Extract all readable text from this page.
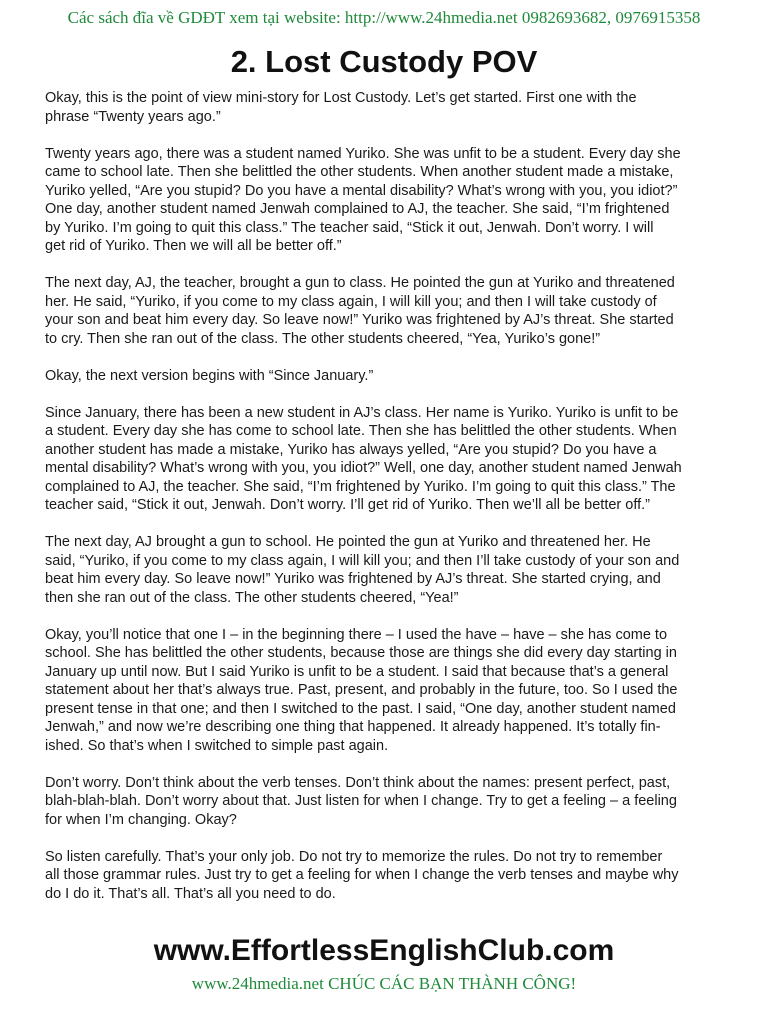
Các sách đĩa về GDĐT xem tại website: http://www.24hmedia.net 0982693682, 0976915358
2. Lost Custody POV

Okay, this is the point of view mini-story for Lost Custody. Let’s get started. First one with the
phrase “Twenty years ago.”

Twenty years ago, there was a student named Yuriko. She was unfit to be a student. Every day she
came to school late. Then she belittled the other students. When another student made a mistake,
Yuriko yelled, “Are you stupid? Do you have a mental disability? What’s wrong with you, you idiot?”
One day, another student named Jenwah complained to AJ, the teacher. She said, “I’m frightened
by Yuriko. I’m going to quit this class.” The teacher said, “Stick it out, Jenwah. Don’t worry. I will
get rid of Yuriko. Then we will all be better off.”

The next day, AJ, the teacher, brought a gun to class. He pointed the gun at Yuriko and threatened
her. He said, “Yuriko, if you come to my class again, I will kill you; and then I will take custody of
your son and beat him every day. So leave now!” Yuriko was frightened by AJ’s threat. She started
to cry. Then she ran out of the class. The other students cheered, “Yea, Yuriko’s gone!”

Okay, the next version begins with “Since January.”

Since January, there has been a new student in AJ’s class. Her name is Yuriko. Yuriko is unfit to be
a student. Every day she has come to school late. Then she has belittled the other students. When
another student has made a mistake, Yuriko has always yelled, “Are you stupid? Do you have a
mental disability? What’s wrong with you, you idiot?” Well, one day, another student named Jenwah
complained to AJ, the teacher. She said, “I’m frightened by Yuriko. I’m going to quit this class.” The
teacher said, “Stick it out, Jenwah. Don’t worry. I’ll get rid of Yuriko. Then we’ll all be better off.”

The next day, AJ brought a gun to school. He pointed the gun at Yuriko and threatened her. He
said, “Yuriko, if you come to my class again, I will kill you; and then I’ll take custody of your son and
beat him every day. So leave now!” Yuriko was frightened by AJ’s threat. She started crying, and
then she ran out of the class. The other students cheered, “Yea!”

Okay, you’ll notice that one I – in the beginning there – I used the have – have – she has come to
school. She has belittled the other students, because those are things she did every day starting in
January up until now. But I said Yuriko is unfit to be a student. I said that because that’s a general
statement about her that’s always true. Past, present, and probably in the future, too. So I used the
present tense in that one; and then I switched to the past. I said, “One day, another student named
Jenwah,” and now we’re describing one thing that happened. It already happened. It’s totally fin-
ished. So that’s when I switched to simple past again.

Don’t worry. Don’t think about the verb tenses. Don’t think about the names: present perfect, past,
blah-blah-blah. Don’t worry about that. Just listen for when I change. Try to get a feeling – a feeling
for when I’m changing. Okay?

So listen carefully. That’s your only job. Do not try to memorize the rules. Do not try to remember
all those grammar rules. Just try to get a feeling for when I change the verb tenses and maybe why
do I do it. That’s all. That’s all you need to do.

www.EffortlessEnglishClub.com
www.24hmedia.net CHÚC CÁC BẠN THÀNH CÔNG!
